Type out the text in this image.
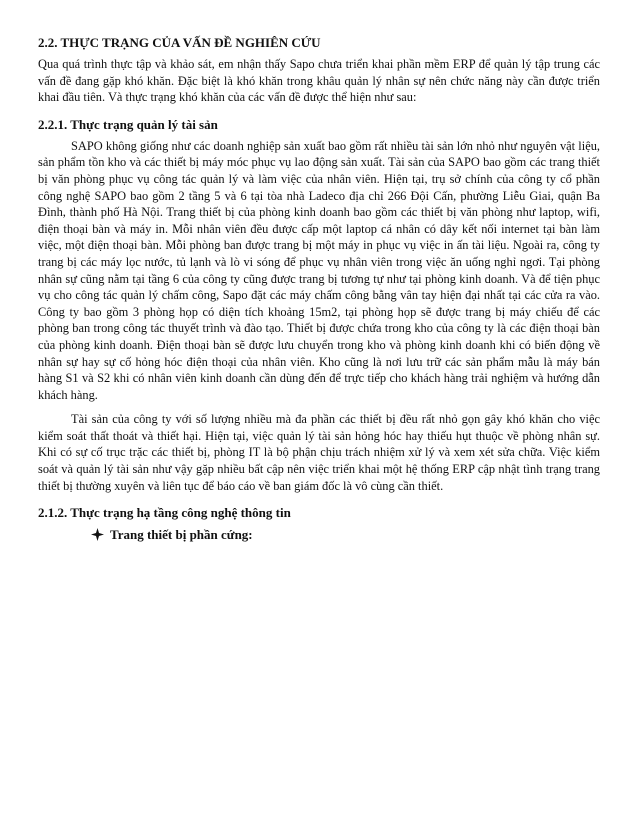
2.2. THỰC TRẠNG CỦA VẤN ĐỀ NGHIÊN CỨU

Qua quá trình thực tập và khảo sát, em nhận thấy Sapo chưa triển khai phần mềm ERP để quản lý tập trung các vấn đề đang gặp khó khăn. Đặc biệt là khó khăn trong khâu quản lý nhân sự nên chức năng này cần được triển khai đầu tiên. Và thực trạng khó khăn của các vấn đề được thể hiện như sau:

2.2.1. Thực trạng quản lý tài sản

SAPO không giống như các doanh nghiệp sản xuất bao gồm rất nhiều tài sản lớn nhỏ như nguyên vật liệu, sản phẩm tồn kho và các thiết bị máy móc phục vụ lao động sản xuất. Tài sản của SAPO bao gồm các trang thiết bị văn phòng phục vụ công tác quản lý và làm việc của nhân viên. Hiện tại, trụ sở chính của công ty cổ phần công nghệ SAPO bao gồm 2 tầng 5 và 6 tại tòa nhà Ladeco địa chỉ 266 Đội Cấn, phường Liễu Giai, quận Ba Đình, thành phố Hà Nội. Trang thiết bị của phòng kinh doanh bao gồm các thiết bị văn phòng như laptop, wifi, điện thoại bàn và máy in. Mỗi nhân viên đều được cấp một laptop cá nhân có dây kết nối internet tại bàn làm việc, một điện thoại bàn. Mỗi phòng ban được trang bị một máy in phục vụ việc in ấn tài liệu. Ngoài ra, công ty trang bị các máy lọc nước, tủ lạnh và lò vi sóng để phục vụ nhân viên trong việc ăn uống nghỉ ngơi. Tại phòng nhân sự cũng nằm tại tầng 6 của công ty cũng được trang bị tương tự như tại phòng kinh doanh. Và để tiện phục vụ cho công tác quản lý chấm công, Sapo đặt các máy chấm công bằng vân tay hiện đại nhất tại các cửa ra vào. Công ty bao gồm 3 phòng họp có diện tích khoảng 15m2, tại phòng họp sẽ được trang bị máy chiếu để các phòng ban trong công tác thuyết trình và đào tạo. Thiết bị được chứa trong kho của công ty là các điện thoại bàn của phòng kinh doanh. Điện thoại bàn sẽ được lưu chuyển trong kho và phòng kinh doanh khi có biến động về nhân sự hay sự cố hỏng hóc điện thoại của nhân viên. Kho cũng là nơi lưu trữ các sản phẩm mẫu là máy bán hàng S1 và S2 khi có nhân viên kinh doanh cần dùng đến để trực tiếp cho khách hàng trải nghiệm và hướng dẫn khách hàng.

Tài sản của công ty với số lượng nhiều mà đa phần các thiết bị đều rất nhỏ gọn gây khó khăn cho việc kiểm soát thất thoát và thiết hại. Hiện tại, việc quản lý tài sản hỏng hóc hay thiếu hụt thuộc về phòng nhân sự. Khi có sự cố trục trặc các thiết bị, phòng IT là bộ phận chịu trách nhiệm xử lý và xem xét sửa chữa. Việc kiểm soát và quản lý tài sản như vậy gặp nhiều bất cập nên việc triển khai một hệ thống ERP cập nhật tình trạng trang thiết bị thường xuyên và liên tục để báo cáo về ban giám đốc là vô cùng cần thiết.

2.1.2. Thực trạng hạ tầng công nghệ thông tin
Trang thiết bị phần cứng:
